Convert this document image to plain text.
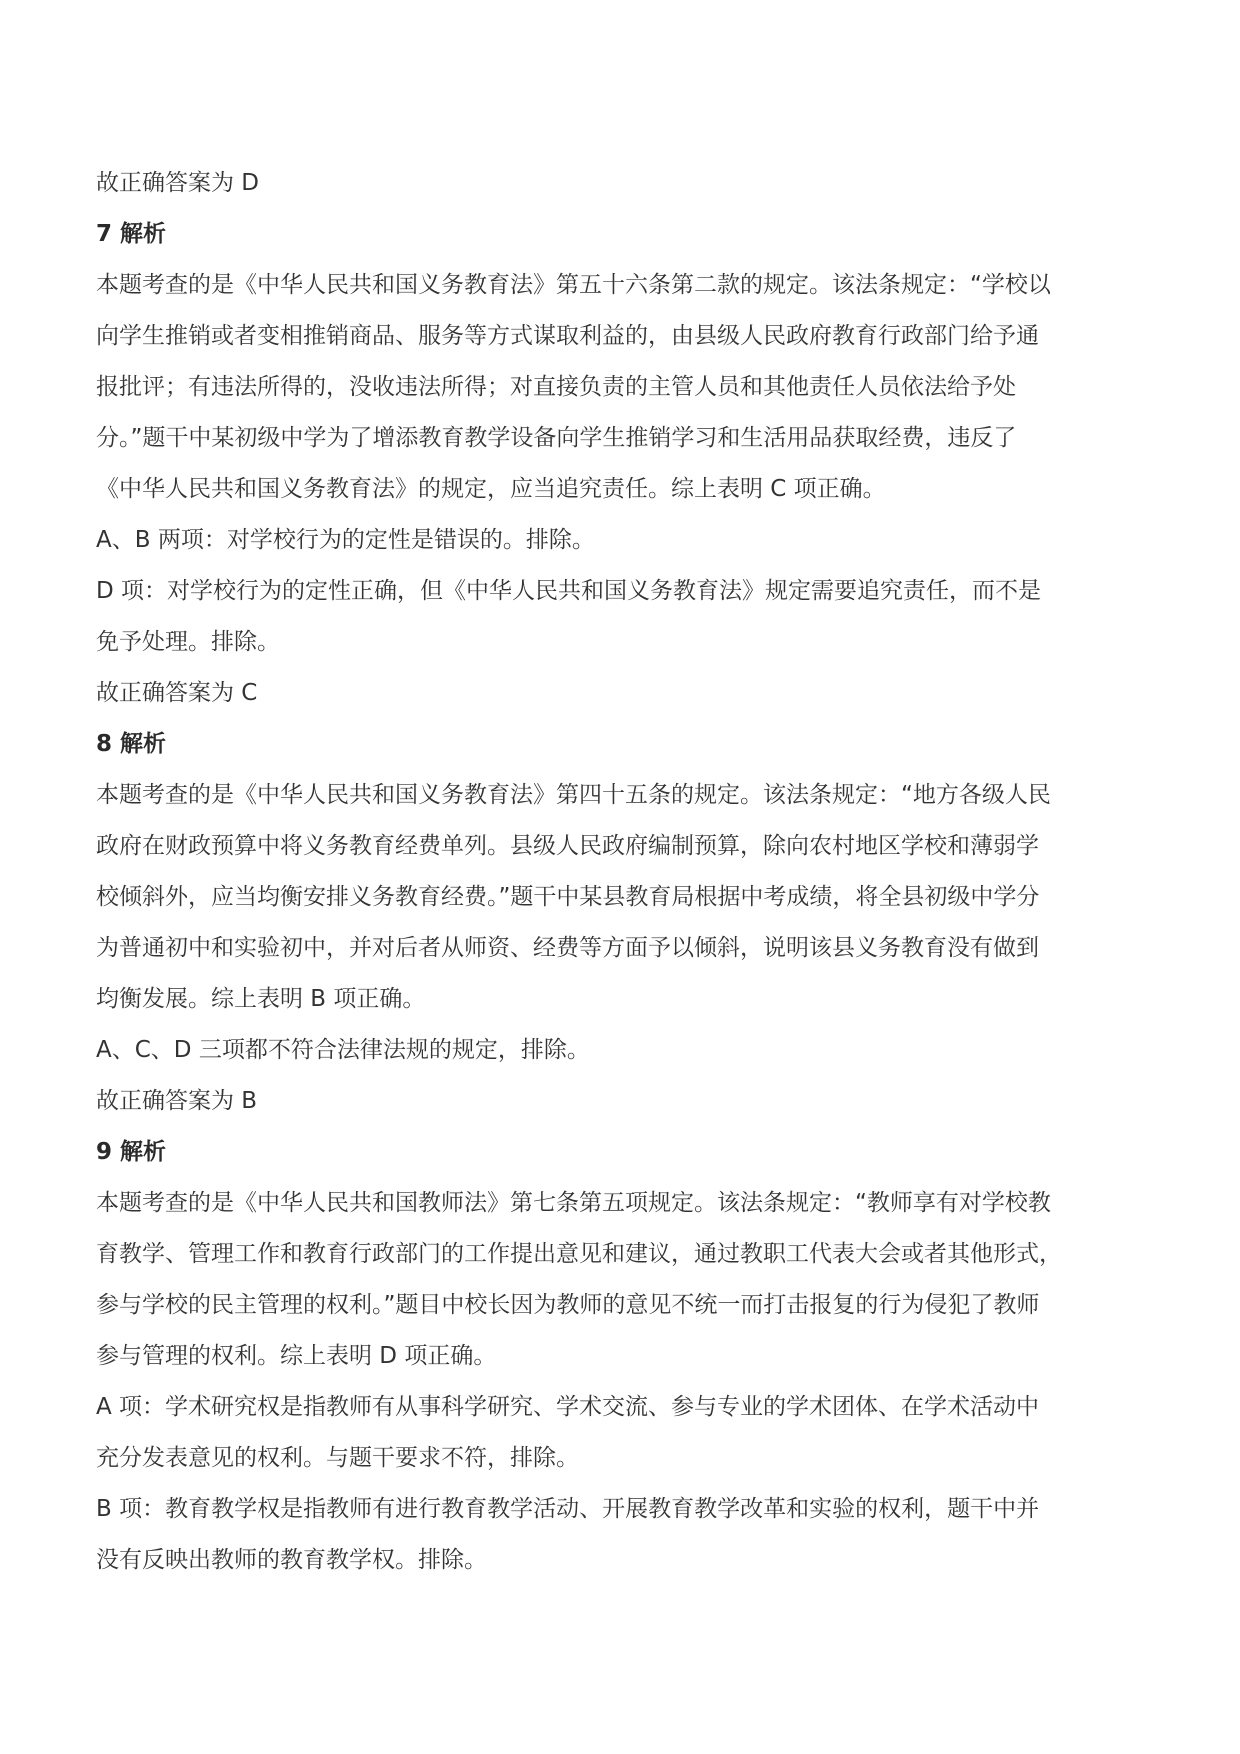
故正确答案为 D
7 解析
本题考查的是《中华人民共和国义务教育法》第五十六条第二款的规定。该法条规定：“学校以
向学生推销或者变相推销商品、服务等方式谋取利益的，由县级人民政府教育行政部门给予通
报批评；有违法所得的，没收违法所得；对直接负责的主管人员和其他责任人员依法给予处
分。”题干中某初级中学为了增添教育教学设备向学生推销学习和生活用品获取经费，违反了
《中华人民共和国义务教育法》的规定，应当追究责任。综上表明 C 项正确。
A、B 两项：对学校行为的定性是错误的。排除。
D 项：对学校行为的定性正确，但《中华人民共和国义务教育法》规定需要追究责任，而不是
免予处理。排除。
故正确答案为 C
8 解析
本题考查的是《中华人民共和国义务教育法》第四十五条的规定。该法条规定：“地方各级人民
政府在财政预算中将义务教育经费单列。县级人民政府编制预算，除向农村地区学校和薄弱学
校倾斜外，应当均衡安排义务教育经费。”题干中某县教育局根据中考成绩，将全县初级中学分
为普通初中和实验初中，并对后者从师资、经费等方面予以倾斜，说明该县义务教育没有做到
均衡发展。综上表明 B 项正确。
A、C、D 三项都不符合法律法规的规定，排除。
故正确答案为 B
9 解析
本题考查的是《中华人民共和国教师法》第七条第五项规定。该法条规定：“教师享有对学校教
育教学、管理工作和教育行政部门的工作提出意见和建议，通过教职工代表大会或者其他形式，
参与学校的民主管理的权利。”题目中校长因为教师的意见不统一而打击报复的行为侵犯了教师
参与管理的权利。综上表明 D 项正确。
A 项：学术研究权是指教师有从事科学研究、学术交流、参与专业的学术团体、在学术活动中
充分发表意见的权利。与题干要求不符，排除。
B 项：教育教学权是指教师有进行教育教学活动、开展教育教学改革和实验的权利，题干中并
没有反映出教师的教育教学权。排除。
